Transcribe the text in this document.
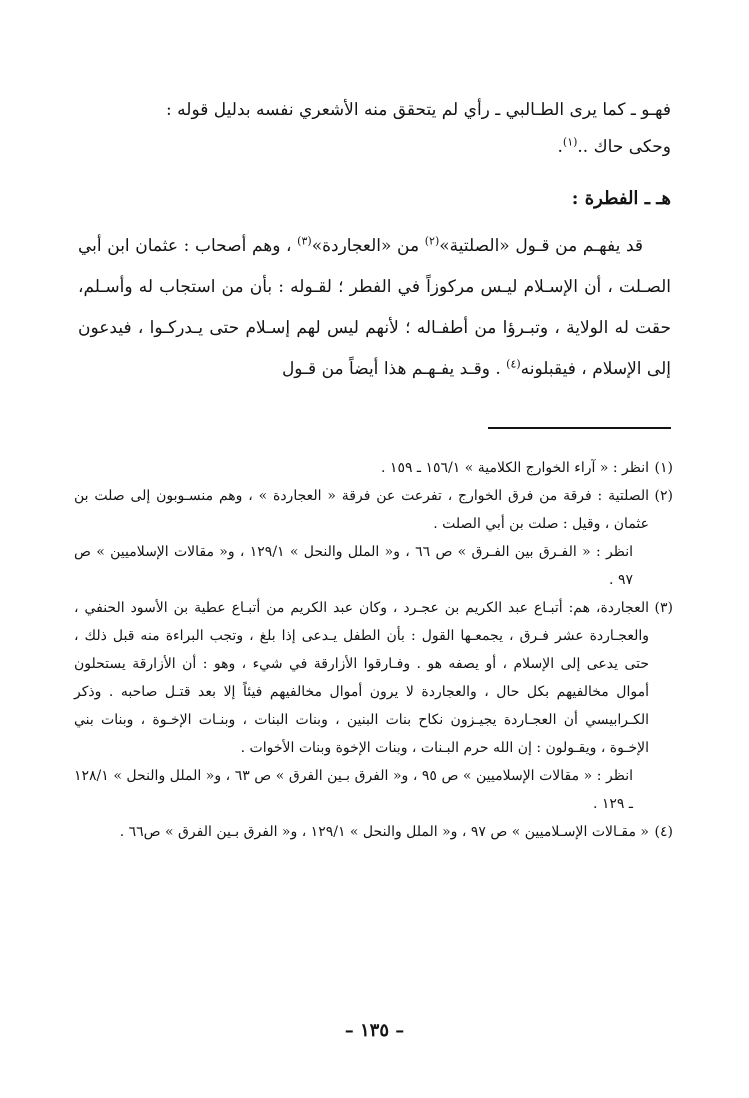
فهـو ـ كما يرى الطـالبي ـ رأي لم يتحقق منه الأشعري نفسه بدليل قوله :
وحكى حاك ..$^{(١)}$.
هـ ـ الفطرة :
قد يفهـم من قـول «الصلتية»$^{(٢)}$ من «العجاردة»$^{(٣)}$ ، وهم أصحاب : عثمان ابن أبي الصـلت ، أن الإسـلام ليـس مركوزاً في الفطر ؛ لقـوله : بأن من استجاب له وأسـلم، حقت له الولاية ، وتبـرؤا من أطفـاله ؛ لأنهم ليس لهم إسـلام حتى يـدركـوا ، فيدعون إلى الإسلام ، فيقبلونه$^{(٤)}$ . وقـد يفـهـم هذا أيضاً من قـول
(١)

انظر : « آراء الخوارج الكلامية » ١٥٦/١ ـ ١٥٩ .

(٢)

الصلتية : فرقة من فرق الخوارج ، تفرعت عن فرقة « العجاردة » ، وهم منسـوبون إلى صلت بن عثمان ، وقيل : صلت بن أبي الصلت .

انظر : « الفـرق بين الفـرق » ص ٦٦ ، و« الملل والنحل » ١٢٩/١ ، و« مقالات الإسلاميين » ص ٩٧ .

(٣)

العجاردة، هم: أتبـاع عبد الكريم بن عجـرد ، وكان عبد الكريم من أتبـاع عطية بن الأسود الحنفي ، والعجـاردة عشر فـرق ، يجمعـها القول : بأن الطفل يـدعى إذا بلغ ، وتجب البراءة منه قبل ذلك ، حتى يدعى إلى الإسلام ، أو يصفه هو . وفـارقوا الأزارقة في شيء ، وهو : أن الأزارقة يستحلون أموال مخالفيهم بكل حال ، والعجاردة لا يرون أموال مخالفيهم فيئاً إلا بعد قتـل صاحبه . وذكر الكـرابيسي أن العجـاردة يجيـزون نكاح بنات البنين ، وبنات البنات ، وبنـات الإخـوة ، وبنات بني الإخـوة ، ويقـولون : إن الله حرم البـنات ، وبنات الإخوة وبنات الأخوات .

انظر : « مقالات الإسلاميين » ص ٩٥ ، و« الفرق بـين الفرق » ص ٦٣ ، و« الملل والنحل » ١٢٨/١ ـ ١٢٩ .

(٤)

« مقـالات الإسـلاميين » ص ٩٧ ، و« الملل والنحل » ١٢٩/١ ، و« الفرق بـين الفرق » ص٦٦ .

– ١٣٥ –
